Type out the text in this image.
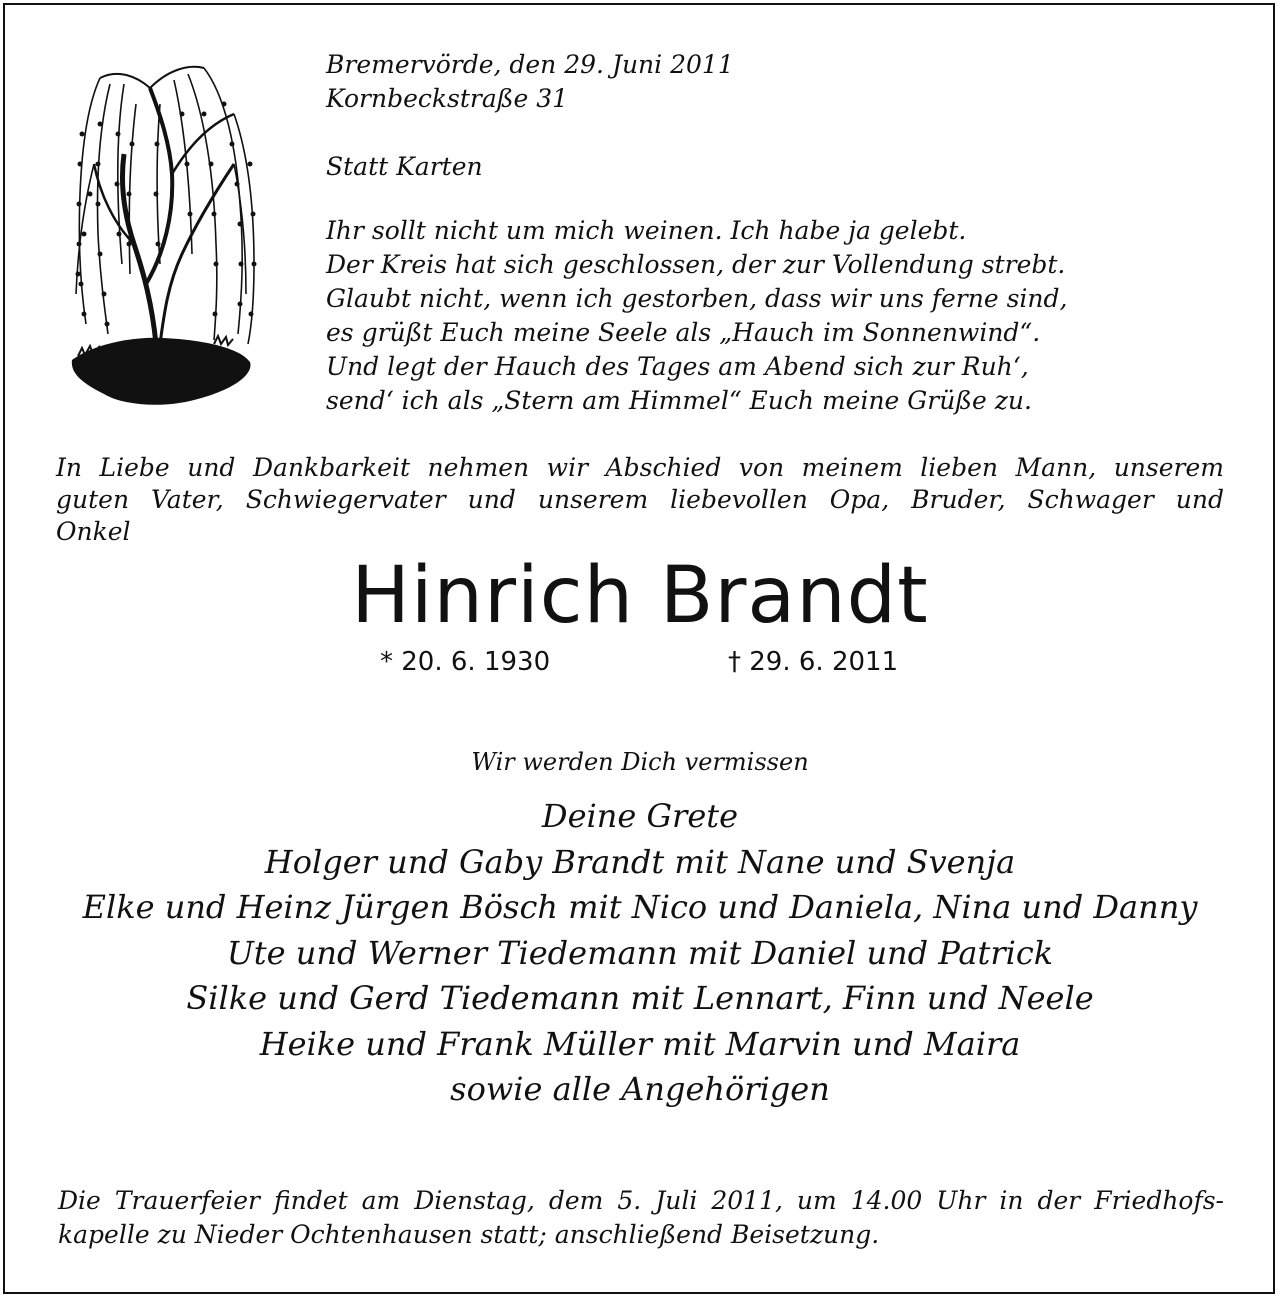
Bremervörde, den 29. Juni 2011
Kornbeckstraße 31
Statt Karten
Ihr sollt nicht um mich weinen. Ich habe ja gelebt.
Der Kreis hat sich geschlossen, der zur Vollendung strebt.
Glaubt nicht, wenn ich gestorben, dass wir uns ferne sind,
es grüßt Euch meine Seele als „Hauch im Sonnenwind“.
Und legt der Hauch des Tages am Abend sich zur Ruh‘,
send‘ ich als „Stern am Himmel“ Euch meine Grüße zu.
In Liebe und Dankbarkeit nehmen wir Abschied von meinem lieben Mann, unserem
guten Vater, Schwiegervater und unserem liebevollen Opa, Bruder, Schwager und
Onkel
Hinrich Brandt
* 20. 6. 1930	† 29. 6. 2011
Wir werden Dich vermissen
Deine Grete
Holger und Gaby Brandt mit Nane und Svenja
Elke und Heinz Jürgen Bösch mit Nico und Daniela, Nina und Danny
Ute und Werner Tiedemann mit Daniel und Patrick
Silke und Gerd Tiedemann mit Lennart, Finn und Neele
Heike und Frank Müller mit Marvin und Maira
sowie alle Angehörigen
Die Trauerfeier findet am Dienstag, dem 5. Juli 2011, um 14.00 Uhr in der Friedhofs-
kapelle zu Nieder Ochtenhausen statt; anschließend Beisetzung.
